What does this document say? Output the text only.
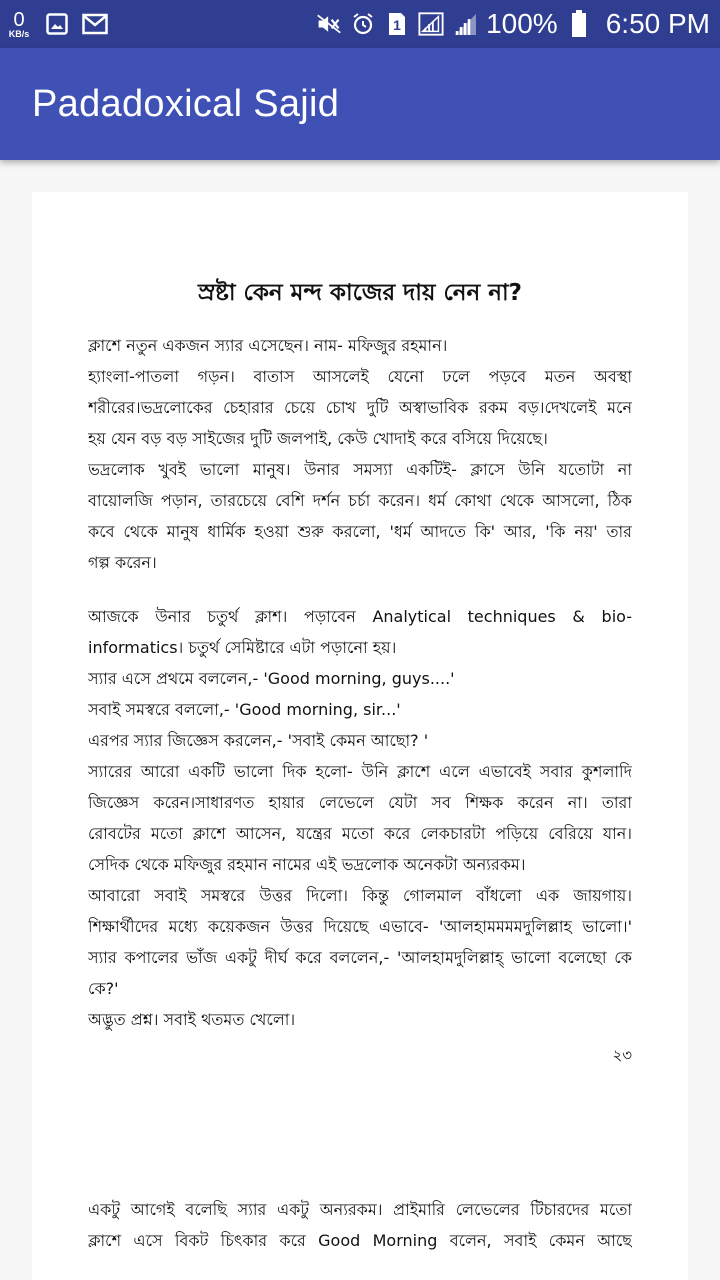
0
KB/s
1	100% 6:50 PM
Padadoxical Sajid
স্রষ্টা কেন মন্দ কাজের দায় নেন না?
ক্লাশে নতুন একজন স্যার এসেছেন। নাম- মফিজুর রহমান।
হ্যাংলা-পাতলা গড়ন। বাতাস আসলেই যেনো ঢলে পড়বে মতন অবস্থা
শরীরের।ভদ্রলোকের চেহারার চেয়ে চোখ দুটি অস্বাভাবিক রকম বড়।দেখলেই মনে
হয় যেন বড় বড় সাইজের দুটি জলপাই, কেউ খোদাই করে বসিয়ে দিয়েছে।
ভদ্রলোক খুবই ভালো মানুষ। উনার সমস্যা একটিই- ক্লাসে উনি যতোটা না
বায়োলজি পড়ান, তারচেয়ে বেশি দর্শন চর্চা করেন। ধর্ম কোথা থেকে আসলো, ঠিক
কবে থেকে মানুষ ধার্মিক হওয়া শুরু করলো, 'ধর্ম আদতে কি' আর, 'কি নয়' তার
গল্প করেন।
আজকে উনার চতুর্থ ক্লাশ। পড়াবেন Analytical techniques & bio-
informatics। চতুর্থ সেমিষ্টারে এটা পড়ানো হয়।
স্যার এসে প্রথমে বললেন,- 'Good morning, guys....'
সবাই সমস্বরে বললো,- 'Good morning, sir...'
এরপর স্যার জিজ্ঞেস করলেন,- 'সবাই কেমন আছো? '
স্যারের আরো একটি ভালো দিক হলো- উনি ক্লাশে এলে এভাবেই সবার কুশলাদি
জিজ্ঞেস করেন।সাধারণত হায়ার লেভেলে যেটা সব শিক্ষক করেন না। তারা
রোবটের মতো ক্লাশে আসেন, যন্ত্রের মতো করে লেকচারটা পড়িয়ে বেরিয়ে যান।
সেদিক থেকে মফিজুর রহমান নামের এই ভদ্রলোক অনেকটা অন্যরকম।
আবারো সবাই সমস্বরে উত্তর দিলো। কিন্তু গোলমাল বাঁধলো এক জায়গায়।
শিক্ষার্থীদের মধ্যে কয়েকজন উত্তর দিয়েছে এভাবে- 'আলহামমমমদুলিল্লাহ ভালো।'
স্যার কপালের ভাঁজ একটু দীর্ঘ করে বললেন,- 'আলহামদুলিল্লাহ্‌ ভালো বলেছো কে
কে?'
অদ্ভুত প্রশ্ন। সবাই থতমত খেলো।
২৩
একটু আগেই বলেছি স্যার একটু অন্যরকম। প্রাইমারি লেভেলের টিচারদের মতো
ক্লাশে এসে বিকট চিৎকার করে Good Morning বলেন, সবাই কেমন আছে
